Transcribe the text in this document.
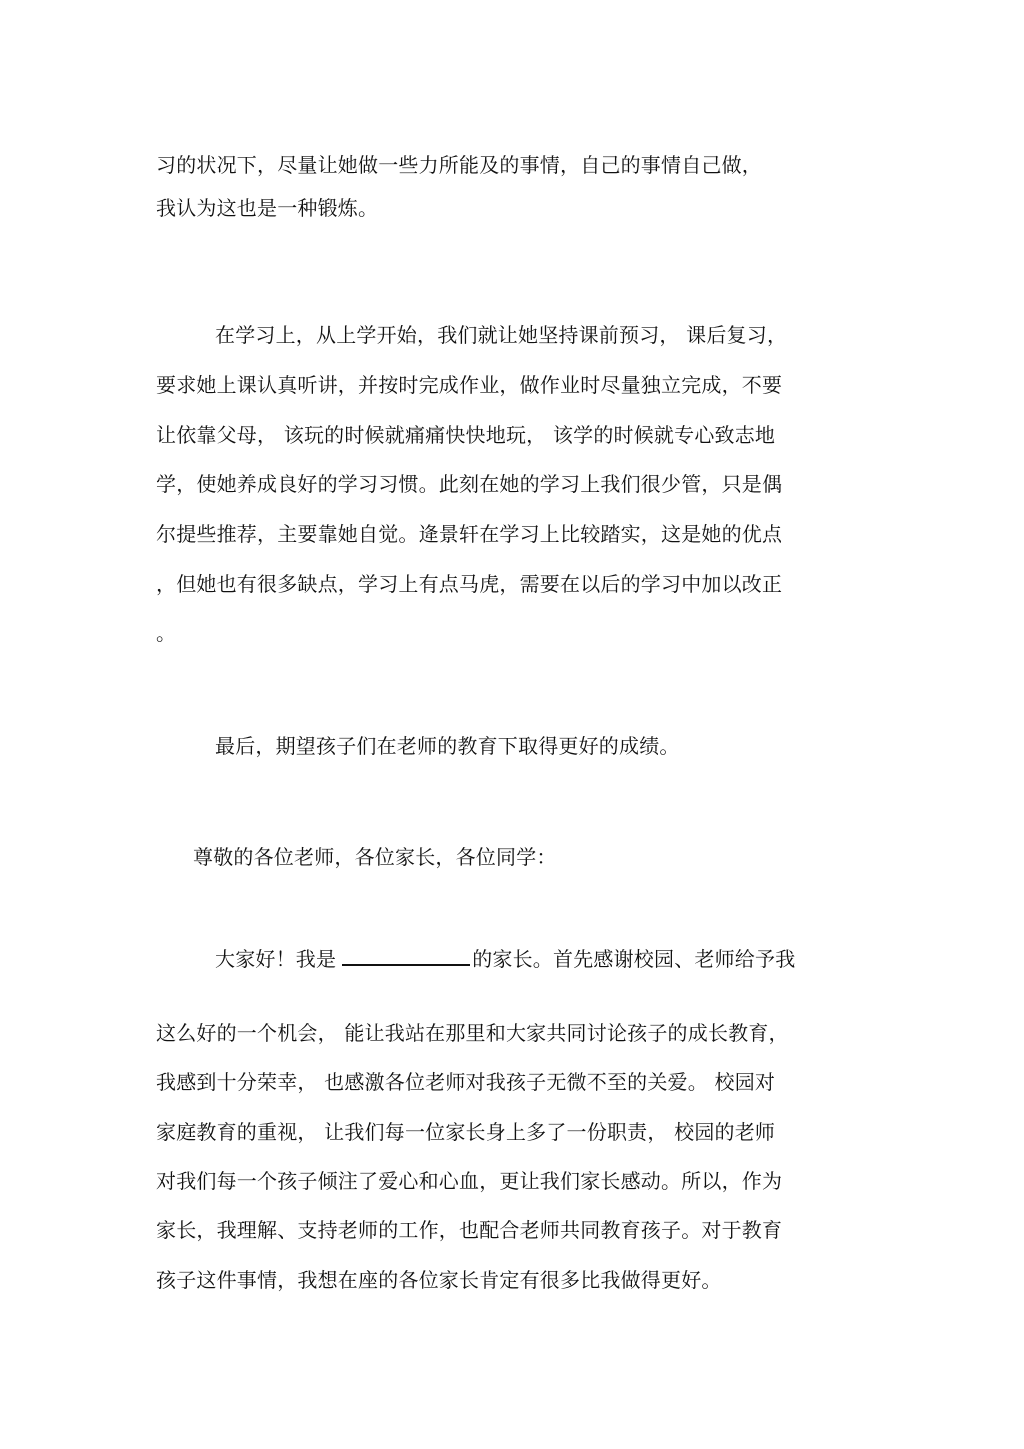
习的状况下，尽量让她做一些力所能及的事情，自己的事情自己做，
我认为这也是一种锻炼。
在学习上，从上学开始，我们就让她坚持课前预习， 课后复习，
要求她上课认真听讲，并按时完成作业，做作业时尽量独立完成，不要
让依靠父母， 该玩的时候就痛痛快快地玩， 该学的时候就专心致志地
学，使她养成良好的学习习惯。此刻在她的学习上我们很少管，只是偶
尔提些推荐，主要靠她自觉。逄景轩在学习上比较踏实，这是她的优点
，但她也有很多缺点，学习上有点马虎，需要在以后的学习中加以改正
。
最后，期望孩子们在老师的教育下取得更好的成绩。
尊敬的各位老师，各位家长，各位同学：
大家好！我是	的家长。首先感谢校园、老师给予我
这么好的一个机会， 能让我站在那里和大家共同讨论孩子的成长教育，
我感到十分荣幸， 也感激各位老师对我孩子无微不至的关爱。 校园对
家庭教育的重视， 让我们每一位家长身上多了一份职责， 校园的老师
对我们每一个孩子倾注了爱心和心血，更让我们家长感动。所以，作为
家长，我理解、支持老师的工作，也配合老师共同教育孩子。对于教育
孩子这件事情，我想在座的各位家长肯定有很多比我做得更好。
